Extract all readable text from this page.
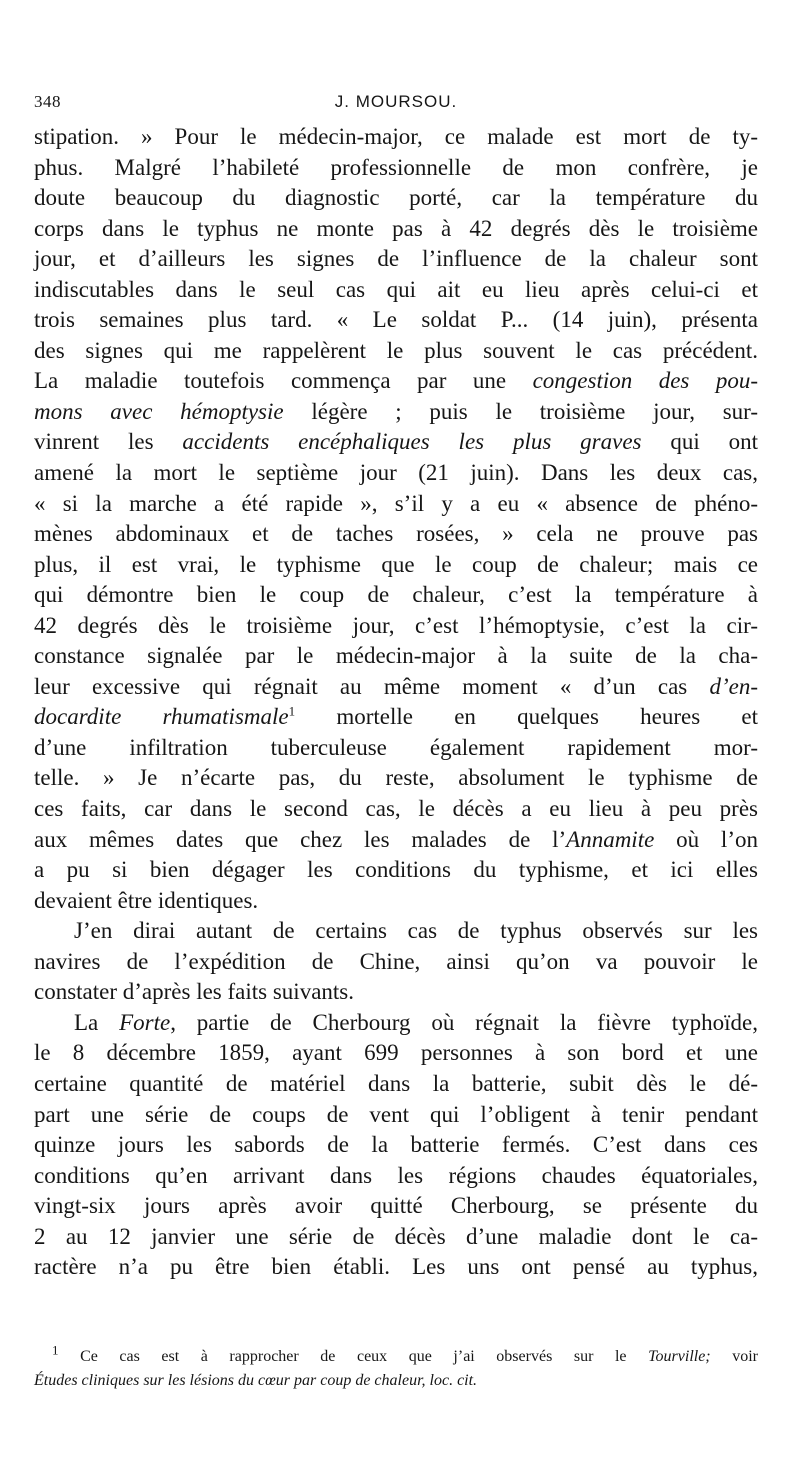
348	J. MOURSOU.
stipation. » Pour le médecin-major, ce malade est mort de ty-
phus. Malgré l’habileté professionnelle de mon confrère, je
doute beaucoup du diagnostic porté, car la température du
corps dans le typhus ne monte pas à 42 degrés dès le troisième
jour, et d’ailleurs les signes de l’influence de la chaleur sont
indiscutables dans le seul cas qui ait eu lieu après celui-ci et
trois semaines plus tard. « Le soldat P... (14 juin), présenta
des signes qui me rappelèrent le plus souvent le cas précédent.
La maladie toutefois commença par une congestion des pou-
mons avec hémoptysie légère ; puis le troisième jour, sur-
vinrent les accidents encéphaliques les plus graves qui ont
amené la mort le septième jour (21 juin). Dans les deux cas,
« si la marche a été rapide », s’il y a eu « absence de phéno-
mènes abdominaux et de taches rosées, » cela ne prouve pas
plus, il est vrai, le typhisme que le coup de chaleur; mais ce
qui démontre bien le coup de chaleur, c’est la température à
42 degrés dès le troisième jour, c’est l’hémoptysie, c’est la cir-
constance signalée par le médecin-major à la suite de la cha-
leur excessive qui régnait au même moment « d’un cas d’en-
docardite rhumatismale$^1$ mortelle en quelques heures et
d’une infiltration tuberculeuse également rapidement mor-
telle. » Je n’écarte pas, du reste, absolument le typhisme de
ces faits, car dans le second cas, le décès a eu lieu à peu près
aux mêmes dates que chez les malades de l’Annamite où l’on
a pu si bien dégager les conditions du typhisme, et ici elles
devaient être identiques.
J’en dirai autant de certains cas de typhus observés sur les
navires de l’expédition de Chine, ainsi qu’on va pouvoir le
constater d’après les faits suivants.
La Forte, partie de Cherbourg où régnait la fièvre typhoïde,
le 8 décembre 1859, ayant 699 personnes à son bord et une
certaine quantité de matériel dans la batterie, subit dès le dé-
part une série de coups de vent qui l’obligent à tenir pendant
quinze jours les sabords de la batterie fermés. C’est dans ces
conditions qu’en arrivant dans les régions chaudes équatoriales,
vingt-six jours après avoir quitté Cherbourg, se présente du
2 au 12 janvier une série de décès d’une maladie dont le ca-
ractère n’a pu être bien établi. Les uns ont pensé au typhus,
$^1$ Ce cas est à rapprocher de ceux que j’ai observés sur le Tourville; voir
Études cliniques sur les lésions du cœur par coup de chaleur, loc. cit.
